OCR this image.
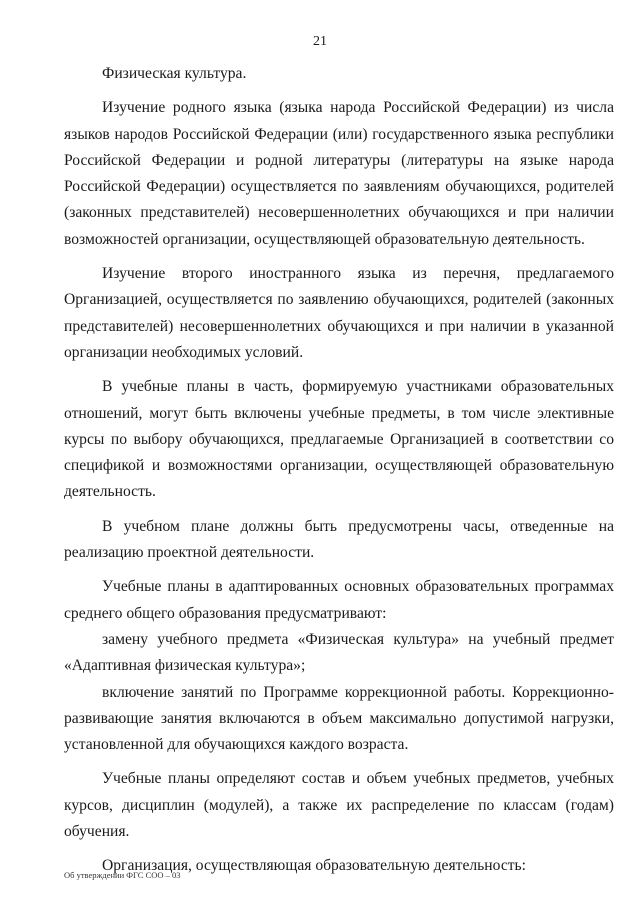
21

Физическая культура.

Изучение родного языка (языка народа Российской Федерации) из числа языков народов Российской Федерации (или) государственного языка республики Российской Федерации и родной литературы (литературы на языке народа Российской Федерации) осуществляется по заявлениям обучающихся, родителей (законных представителей) несовершеннолетних обучающихся и при наличии возможностей организации, осуществляющей образовательную деятельность.

Изучение второго иностранного языка из перечня, предлагаемого Организацией, осуществляется по заявлению обучающихся, родителей (законных представителей) несовершеннолетних обучающихся и при наличии в указанной организации необходимых условий.

В учебные планы в часть, формируемую участниками образовательных отношений, могут быть включены учебные предметы, в том числе элективные курсы по выбору обучающихся, предлагаемые Организацией в соответствии со спецификой и возможностями организации, осуществляющей образовательную деятельность.

В учебном плане должны быть предусмотрены часы, отведенные на реализацию проектной деятельности.

Учебные планы в адаптированных основных образовательных программах среднего общего образования предусматривают:

замену учебного предмета «Физическая культура» на учебный предмет «Адаптивная физическая культура»;

включение занятий по Программе коррекционной работы. Коррекционно-развивающие занятия включаются в объем максимально допустимой нагрузки, установленной для обучающихся каждого возраста.

Учебные планы определяют состав и объем учебных предметов, учебных курсов, дисциплин (модулей), а также их распределение по классам (годам) обучения.

Организация, осуществляющая образовательную деятельность:

Об утверждении ФГС СОО – 03
